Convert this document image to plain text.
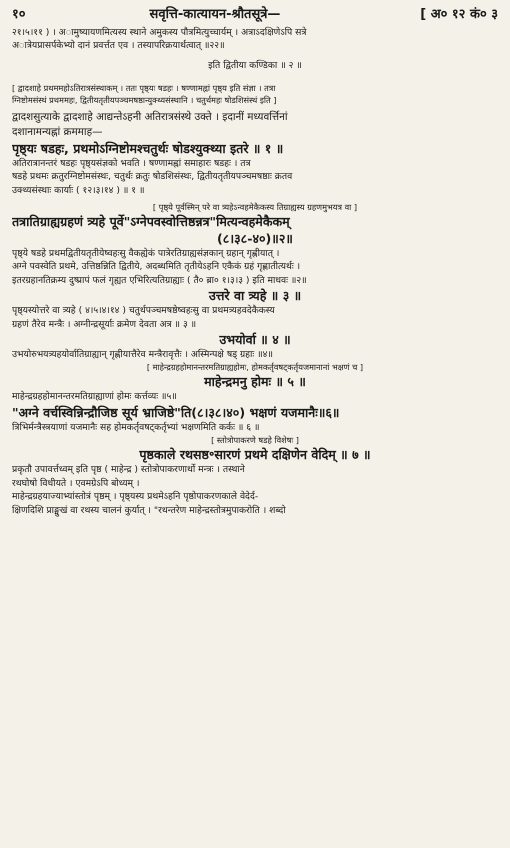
१०	सवृत्ति-कात्यायन-श्रौतसूत्रे—	[ अ० १२ कं० ३

२१।५।११ ) । अामुष्यायणमित्यस्य स्थाने अमुकस्य पौत्रमित्युच्चार्यम् । अत्राऽदक्षिणेऽपि सत्रे

अात्रेयप्रासर्पकेभ्यो दानं प्रवर्त्तत एव । तस्यापरिक्रयार्थत्वात् ॥२२॥

इति द्वितीया कण्डिका ॥ २ ॥

[ द्वादशाहे प्रथममहोऽतिरात्रसंस्थाकम् । ततः पृष्ठ्यः षडहः । षण्णामह्नां पृष्ठ्य इति संज्ञा । तत्रा

ग्निष्टोमसंस्थं प्रथममहः, द्वितीयतृतीयपञ्चमषष्ठान्युक्थ्यसंस्थानि । चतुर्थमहः षोडशिसंस्थं इति ]

द्वादशसुत्याके द्वादशाहे आद्यन्तेऽहनी अतिरात्रसंस्थे उक्ते । इदानीं मध्यवर्त्तिनां

दशानामन्यह्नां क्रममाह—

पृष्ठ्यः षडहः, प्रथमोऽग्निष्टोमश्चतुर्थः षोडश्युक्थ्या इतरे ॥ १ ॥

अतिरात्रानन्तरं षडहः पृष्ठ्यसंज्ञको भवति । षण्णामह्नां समाहारः षडहः । तत्र

षडहे प्रथमः क्रतुरग्निष्टोमसंस्थः, चतुर्थः क्रतुः षोडशिसंस्थः, द्वितीयतृतीयपञ्चमषष्ठाः क्रतव

उक्थ्यसंस्थाः कार्याः ( १२।३।१४ ) ॥ १ ॥

[ पृष्ठ्ये पूर्वस्मिन् परे वा त्र्यहेऽन्वहमेकैकस्य तिग्राह्यस्य ग्रहणमुभयत्र वा ]

तत्रातिग्राह्यग्रहणं त्र्यहे पूर्वे"ऽग्नेपवस्वोत्तिष्ठन्नत्र"मित्यन्वहमेकैकम्

(८।३८-४०)॥२॥

पृष्ठ्ये षडहे प्रथमद्वितीयतृतीयेष्वहःसु वैकह्येकं पात्रेरतिग्राह्यसंज्ञकान् ग्रहान् गृह्णीयात् ।

अग्ने पवस्वेति प्रथमे, उत्तिष्ठन्निति द्वितीये, अदब्धमिति तृतीयेऽहनि एकैकं ग्रहं गृह्णातीत्यर्थः ।

इतरग्रहानतिक्रम्य दुष्प्रापं फलं गृह्यत एभिरित्यतिग्राह्याः ( तै० ब्रा० १।३।३ ) इति माधवः ॥२॥

उत्तरे वा त्र्यहे ॥ ३ ॥

पृष्ठ्यस्योत्तरे वा त्र्यहे ( ४।५।४।१४ ) चतुर्थपञ्चमषष्ठेष्वहःसु वा प्रथमत्र्यहवदेकैकस्य

ग्रहणं तैरेव मन्त्रैः । अग्नीन्द्रसूर्याः क्रमेण देवता अत्र ॥ ३ ॥

उभयोर्वा ॥ ४ ॥

उभयोरुभयत्र्यहयोर्वातिग्राह्यान् गृह्णीयात्तैरेव मन्त्रैरावृत्तैः । अस्मिन्पक्षे षड् ग्रहाः ॥४॥

[ माहेन्द्रग्रहहोमानन्तरमतिग्राह्यहोमः, होमकर्तृवषट्कर्तृयजमानानां भक्षणं च ]

माहेन्द्रमनु होमः ॥ ५ ॥

माहेन्द्रग्रहहोमानन्तरमतिग्राह्याणां होमः कर्त्तव्यः ॥५॥

"अग्ने वर्चस्विन्निन्द्रौजिष्ठ सूर्य भ्राजिष्ठे"ति(८।३८।४०) भक्षणं यजमानैः॥६॥

त्रिभिर्मन्त्रैस्त्रयाणां यजमानैः सह होमकर्तृवषट्कर्तृभ्यां भक्षणमिति कर्कः ॥ ६ ॥

[ स्तोत्रोपाकरणे षडहे विशेषः ]

पृष्ठकाले रथसष्ठ॰सारणं प्रथमे दक्षिणेन वेदिम् ॥ ७ ॥

प्रकृतौ उपावर्त्तध्वम् इति पृष्ठ ( माहेन्द्र ) स्तोत्रोपाकरणार्थो मन्त्रः । तस्थाने

रथघोषो विधीयते । एवमग्रेऽपि बोध्यम् ।

माहेन्द्रग्रहयाज्याभ्यांस्तोत्रं पृष्ठम् । पृष्ठ्यस्य प्रथमेऽहनि पृष्ठोपाकरणकाले वेदेर्द-

क्षिणदिशि प्राङ्मुखं वा रथस्य चालनं कुर्यात् । "रथन्तरेण माहेन्द्रस्तोत्रमुपाकरोति । शब्दो
